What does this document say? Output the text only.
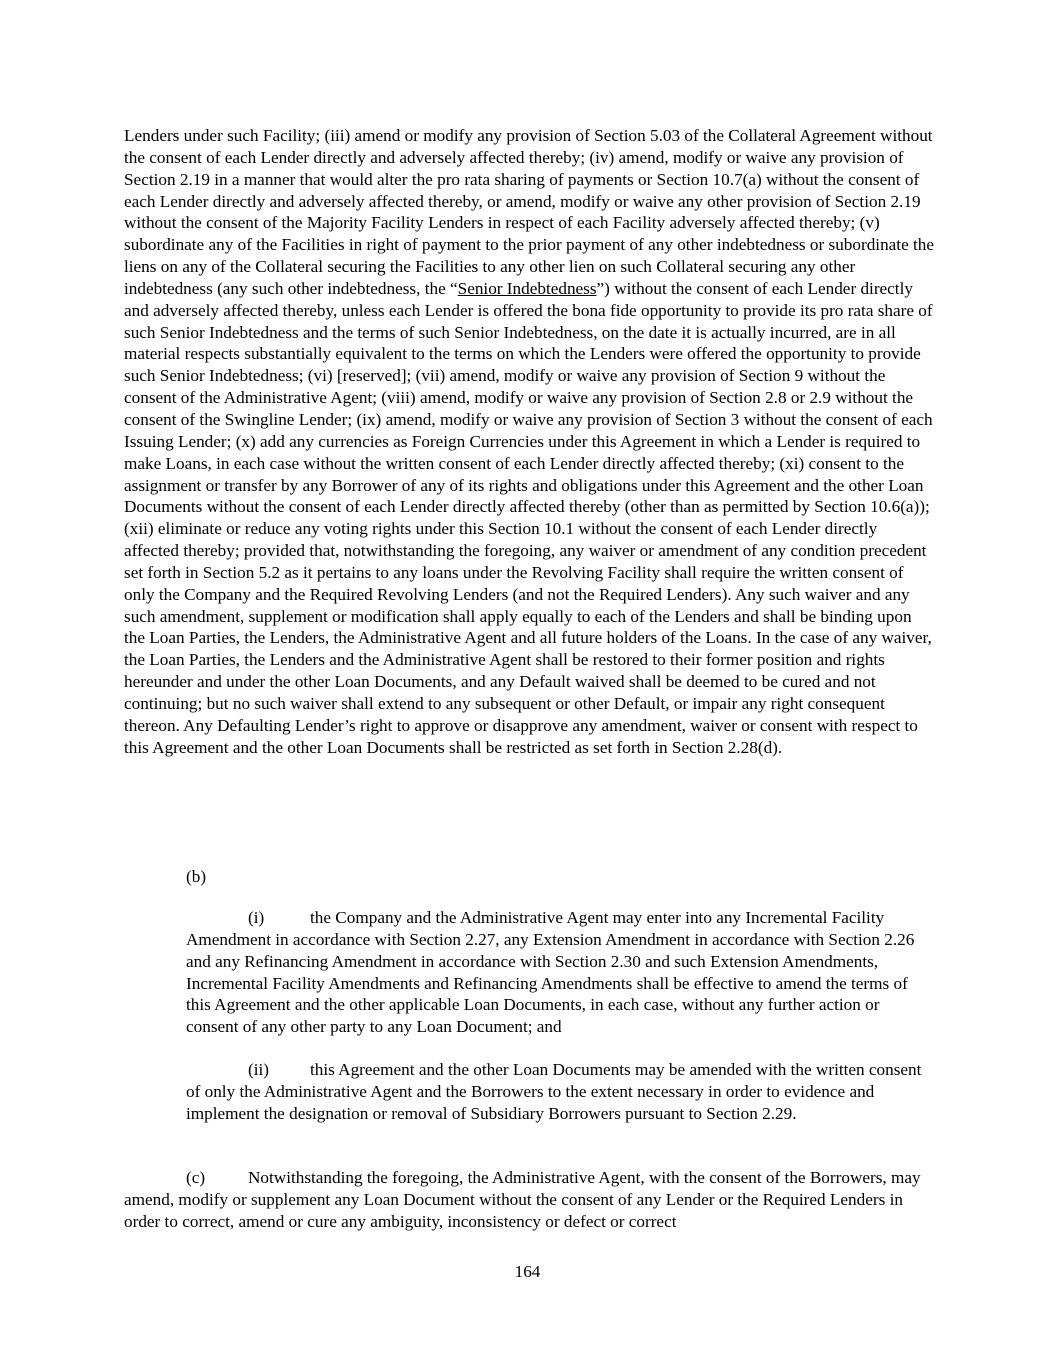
Lenders under such Facility; (iii) amend or modify any provision of Section 5.03 of the Collateral Agreement without the consent of each Lender directly and adversely affected thereby; (iv) amend, modify or waive any provision of Section 2.19 in a manner that would alter the pro rata sharing of payments or Section 10.7(a) without the consent of each Lender directly and adversely affected thereby, or amend, modify or waive any other provision of Section 2.19 without the consent of the Majority Facility Lenders in respect of each Facility adversely affected thereby; (v) subordinate any of the Facilities in right of payment to the prior payment of any other indebtedness or subordinate the liens on any of the Collateral securing the Facilities to any other lien on such Collateral securing any other indebtedness (any such other indebtedness, the “Senior Indebtedness”) without the consent of each Lender directly and adversely affected thereby, unless each Lender is offered the bona fide opportunity to provide its pro rata share of such Senior Indebtedness and the terms of such Senior Indebtedness, on the date it is actually incurred, are in all material respects substantially equivalent to the terms on which the Lenders were offered the opportunity to provide such Senior Indebtedness; (vi) [reserved]; (vii) amend, modify or waive any provision of Section 9 without the consent of the Administrative Agent; (viii) amend, modify or waive any provision of Section 2.8 or 2.9 without the consent of the Swingline Lender; (ix) amend, modify or waive any provision of Section 3 without the consent of each Issuing Lender; (x) add any currencies as Foreign Currencies under this Agreement in which a Lender is required to make Loans, in each case without the written consent of each Lender directly affected thereby; (xi) consent to the assignment or transfer by any Borrower of any of its rights and obligations under this Agreement and the other Loan Documents without the consent of each Lender directly affected thereby (other than as permitted by Section 10.6(a)); (xii) eliminate or reduce any voting rights under this Section 10.1 without the consent of each Lender directly affected thereby; provided that, notwithstanding the foregoing, any waiver or amendment of any condition precedent set forth in Section 5.2 as it pertains to any loans under the Revolving Facility shall require the written consent of only the Company and the Required Revolving Lenders (and not the Required Lenders). Any such waiver and any such amendment, supplement or modification shall apply equally to each of the Lenders and shall be binding upon the Loan Parties, the Lenders, the Administrative Agent and all future holders of the Loans. In the case of any waiver, the Loan Parties, the Lenders and the Administrative Agent shall be restored to their former position and rights hereunder and under the other Loan Documents, and any Default waived shall be deemed to be cured and not continuing; but no such waiver shall extend to any subsequent or other Default, or impair any right consequent thereon. Any Defaulting Lender’s right to approve or disapprove any amendment, waiver or consent with respect to this Agreement and the other Loan Documents shall be restricted as set forth in Section 2.28(d).

(b)

(i)	the Company and the Administrative Agent may enter into any Incremental Facility Amendment in accordance with Section 2.27, any Extension Amendment in accordance with Section 2.26 and any Refinancing Amendment in accordance with Section 2.30 and such Extension Amendments, Incremental Facility Amendments and Refinancing Amendments shall be effective to amend the terms of this Agreement and the other applicable Loan Documents, in each case, without any further action or consent of any other party to any Loan Document; and

(ii) this Agreement and the other Loan Documents may be amended with the written consent of only the Administrative Agent and the Borrowers to the extent necessary in order to evidence and implement the designation or removal of Subsidiary Borrowers pursuant to Section 2.29.

(c) Notwithstanding the foregoing, the Administrative Agent, with the consent of the Borrowers, may amend, modify or supplement any Loan Document without the consent of any Lender or the Required Lenders in order to correct, amend or cure any ambiguity, inconsistency or defect or correct

164
